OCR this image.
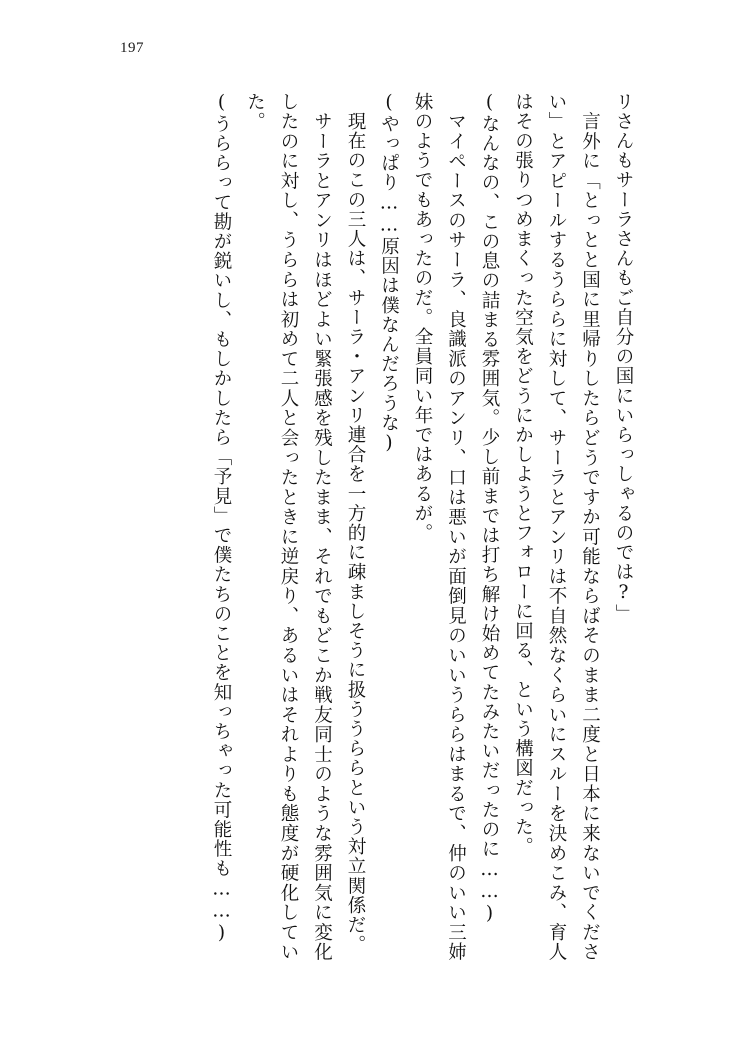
197
リさんもサーラさんもご自分の国にいらっしゃるのでは?」
　言外に「とっとと国に里帰りしたらどうですか可能ならばそのまま二度と日本に来ないでください」とアピールするうららに対して、サーラとアンリは不自然なくらいにスルーを決めこみ、育人はその張りつめまくった空気をどうにかしようとフォローに回る、という構図だった。
(なんなの、この息の詰まる雰囲気。少し前までは打ち解け始めてたみたいだったのに……)
　マイペースのサーラ、良識派のアンリ、口は悪いが面倒見のいいうららはまるで、仲のいい三姉妹のようでもあったのだ。全員同い年ではあるが。
(やっぱり……原因は僕なんだろうな)
　現在のこの三人は、サーラ・アンリ連合を一方的に疎ましそうに扱ううららという対立関係だ。
　サーラとアンリはほどよい緊張感を残したまま、それでもどこか戦友同士のような雰囲気に変化したのに対し、うららは初めて二人と会ったときに逆戻り、あるいはそれよりも態度が硬化していた。
(うららって勘が鋭いし、もしかしたら「予見」で僕たちのことを知っちゃった可能性も……)
